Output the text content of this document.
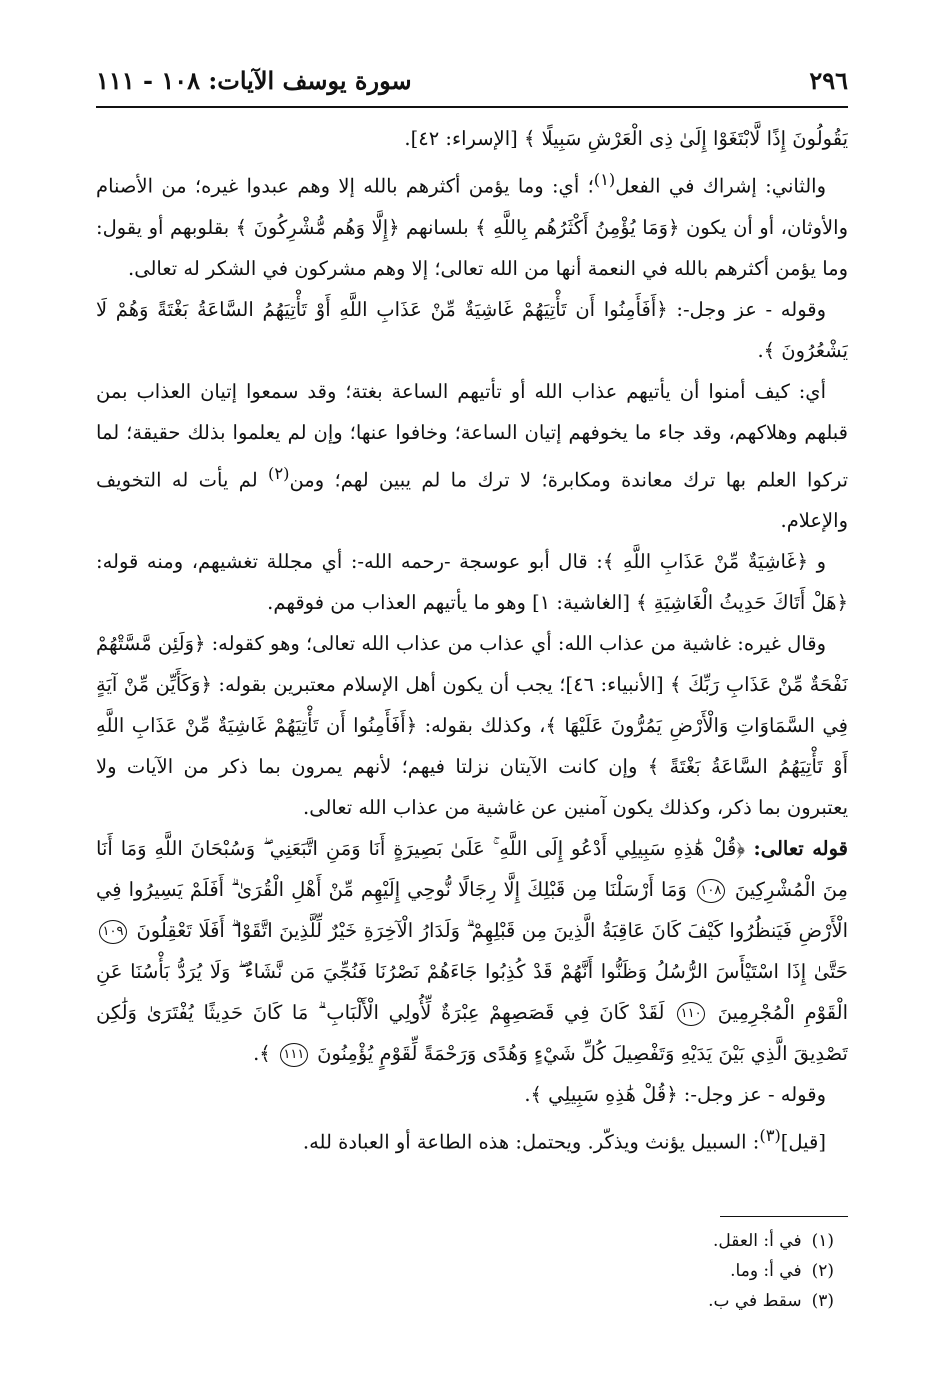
٢٩٦
سورة يوسف الآيات: ١٠٨ - ١١١

يَقُولُونَ إِذًا لَّابْتَغَوْا إِلَىٰ ذِى الْعَرْشِ سَبِيلًا ﴾ [الإسراء: ٤٢].

والثاني: إشراك في الفعل$^{(١)}$؛ أي: وما يؤمن أكثرهم بالله إلا وهم عبدوا غيره؛ من الأصنام والأوثان، أو أن يكون ﴿وَمَا يُؤْمِنُ أَكْثَرُهُم بِاللَّهِ ﴾ بلسانهم ﴿إِلَّا وَهُم مُّشْرِكُونَ ﴾ بقلوبهم أو يقول: وما يؤمن أكثرهم بالله في النعمة أنها من الله تعالى؛ إلا وهم مشركون في الشكر له تعالى.

وقوله - عز وجل-: ﴿أَفَأَمِنُوا أَن تَأْتِيَهُمْ غَاشِيَةٌ مِّنْ عَذَابِ اللَّهِ أَوْ تَأْتِيَهُمُ السَّاعَةُ بَغْتَةً وَهُمْ لَا يَشْعُرُونَ ﴾.

أي: كيف أمنوا أن يأتيهم عذاب الله أو تأتيهم الساعة بغتة؛ وقد سمعوا إتيان العذاب بمن قبلهم وهلاكهم، وقد جاء ما يخوفهم إتيان الساعة؛ وخافوا عنها؛ وإن لم يعلموا بذلك حقيقة؛ لما تركوا العلم بها ترك معاندة ومكابرة؛ لا ترك ما لم يبين لهم؛ ومن$^{(٢)}$ لم يأت له التخويف والإعلام.

و ﴿غَاشِيَةٌ مِّنْ عَذَابِ اللَّهِ ﴾: قال أبو عوسجة -رحمه الله-: أي مجللة تغشيهم، ومنه قوله: ﴿هَلْ أَتَاكَ حَدِيثُ الْغَاشِيَةِ ﴾ [الغاشية: ١] وهو ما يأتيهم العذاب من فوقهم.

وقال غيره: غاشية من عذاب الله: أي عذاب من عذاب الله تعالى؛ وهو كقوله: ﴿وَلَئِن مَّسَّتْهُمْ نَفْحَةٌ مِّنْ عَذَابِ رَبِّكَ ﴾ [الأنبياء: ٤٦]؛ يجب أن يكون أهل الإسلام معتبرين بقوله: ﴿وَكَأَيِّن مِّنْ آيَةٍ فِي السَّمَاوَاتِ وَالْأَرْضِ يَمُرُّونَ عَلَيْهَا ﴾، وكذلك بقوله: ﴿أَفَأَمِنُوا أَن تَأْتِيَهُمْ غَاشِيَةٌ مِّنْ عَذَابِ اللَّهِ أَوْ تَأْتِيَهُمُ السَّاعَةُ بَغْتَةً ﴾ وإن كانت الآيتان نزلتا فيهم؛ لأنهم يمرون بما ذكر من الآيات ولا يعتبرون بما ذكر، وكذلك يكون آمنين عن غاشية من عذاب الله تعالى.

قوله تعالى: ﴿قُلْ هَٰذِهِ سَبِيلِي أَدْعُو إِلَى اللَّهِ ۚ عَلَىٰ بَصِيرَةٍ أَنَا وَمَنِ اتَّبَعَنِي ۖ وَسُبْحَانَ اللَّهِ وَمَا أَنَا مِنَ الْمُشْرِكِينَ ١٠٨ وَمَا أَرْسَلْنَا مِن قَبْلِكَ إِلَّا رِجَالًا نُّوحِي إِلَيْهِم مِّنْ أَهْلِ الْقُرَىٰ ۗ أَفَلَمْ يَسِيرُوا فِي الْأَرْضِ فَيَنظُرُوا كَيْفَ كَانَ عَاقِبَةُ الَّذِينَ مِن قَبْلِهِمْ ۗ وَلَدَارُ الْآخِرَةِ خَيْرٌ لِّلَّذِينَ اتَّقَوْا ۗ أَفَلَا تَعْقِلُونَ ١٠٩ حَتَّىٰ إِذَا اسْتَيْأَسَ الرُّسُلُ وَظَنُّوا أَنَّهُمْ قَدْ كُذِبُوا جَاءَهُمْ نَصْرُنَا فَنُجِّيَ مَن نَّشَاءُ ۖ وَلَا يُرَدُّ بَأْسُنَا عَنِ الْقَوْمِ الْمُجْرِمِينَ ١١٠ لَقَدْ كَانَ فِي قَصَصِهِمْ عِبْرَةٌ لِّأُولِي الْأَلْبَابِ ۗ مَا كَانَ حَدِيثًا يُفْتَرَىٰ وَلَٰكِن تَصْدِيقَ الَّذِي بَيْنَ يَدَيْهِ وَتَفْصِيلَ كُلِّ شَيْءٍ وَهُدًى وَرَحْمَةً لِّقَوْمٍ يُؤْمِنُونَ ١١١ ﴾.

وقوله - عز وجل-: ﴿قُلْ هَٰذِهِ سَبِيلِي ﴾.

[قيل]$^{(٣)}$: السبيل يؤنث ويذكّر. ويحتمل: هذه الطاعة أو العبادة لله.

(١)في أ: العقل.
(٢)في أ: وما.
(٣)سقط في ب.
